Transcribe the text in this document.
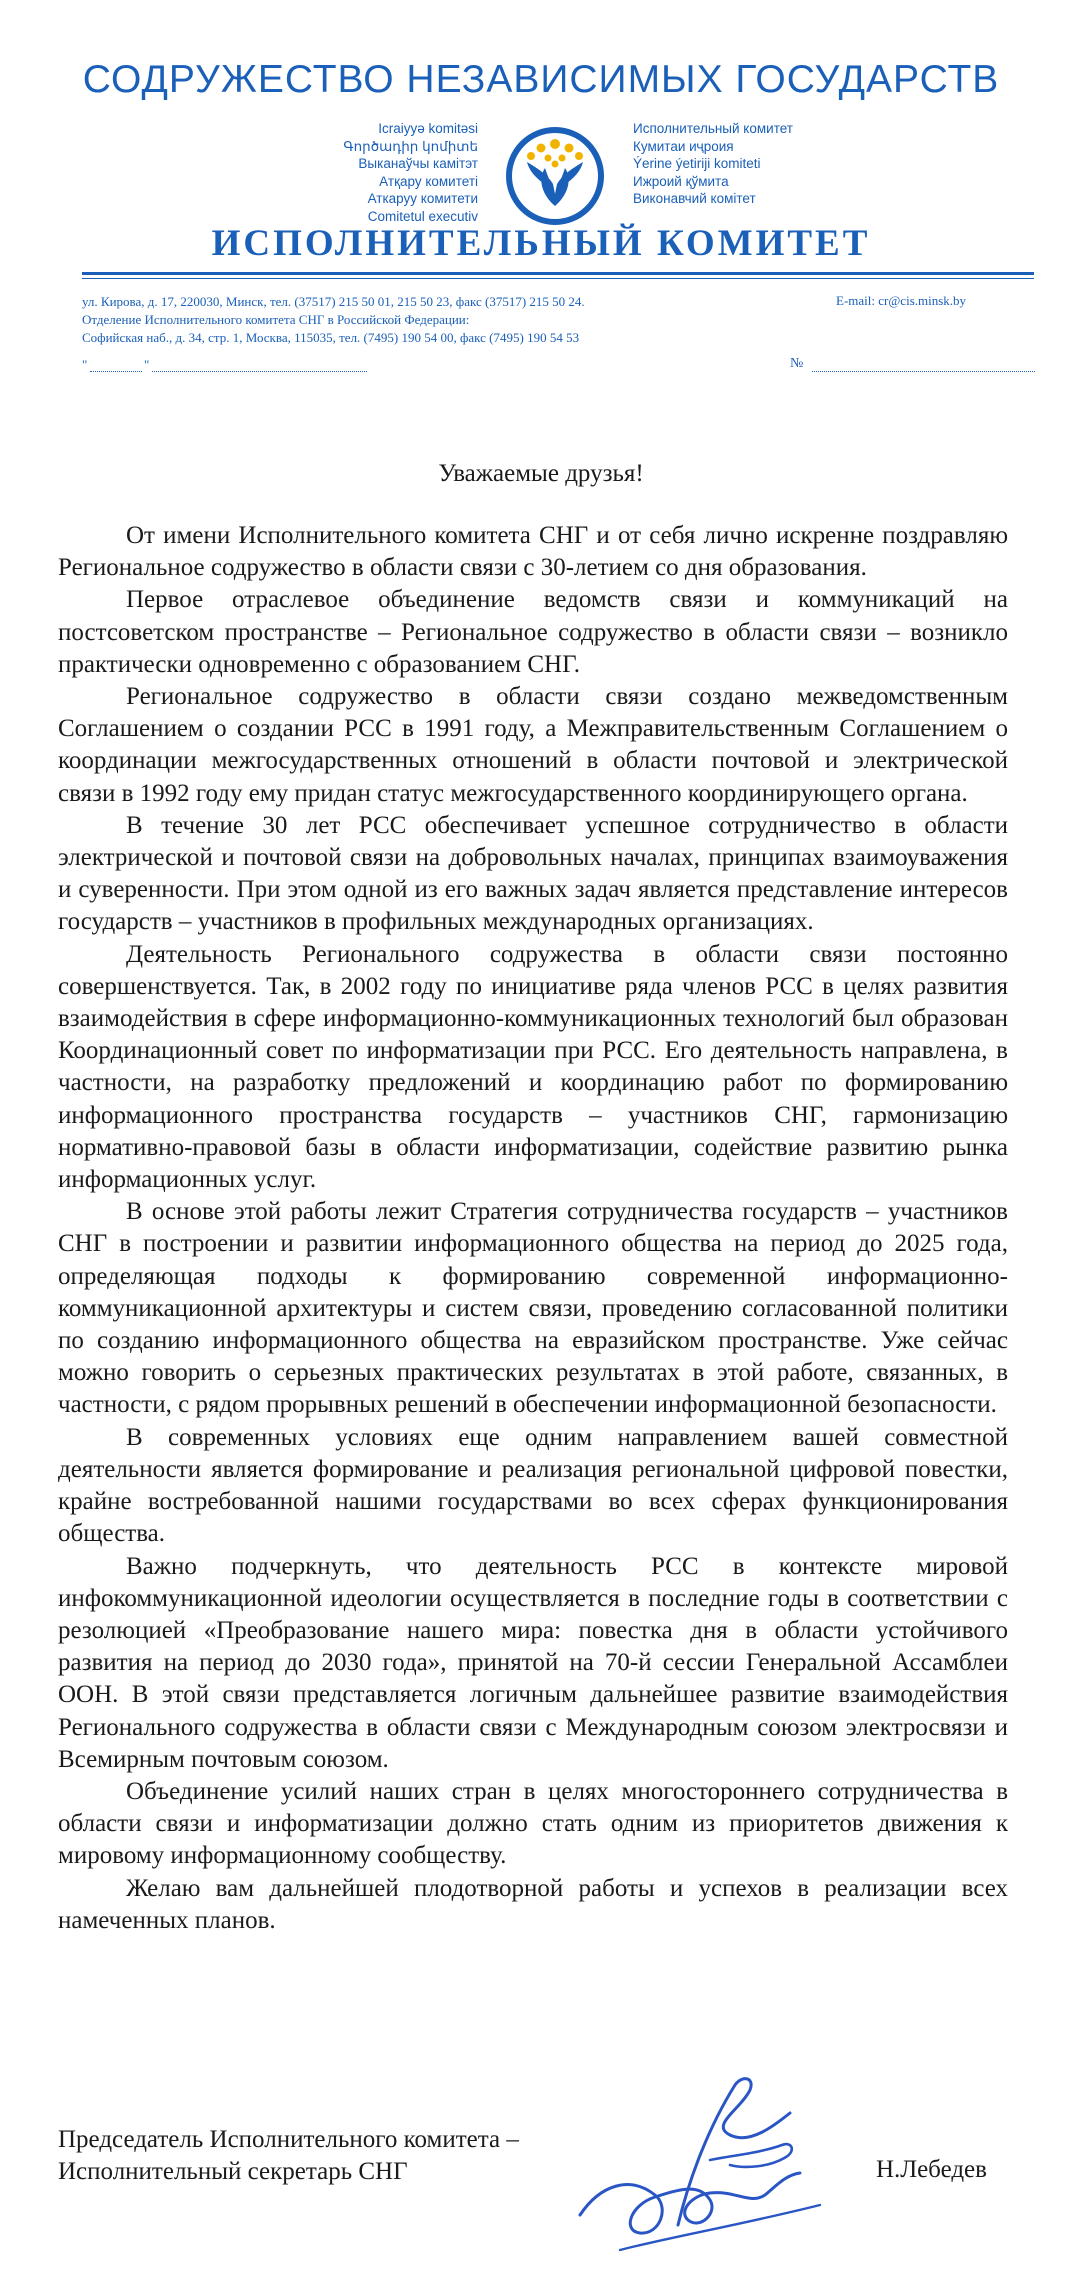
СОДРУЖЕСТВО НЕЗАВИСИМЫХ ГОСУДАРСТВ
Icraiyyə komitəsi
Գործադիր կոմիտե
Выканаўчы камітэт
Атқару комитеті
Аткаруу комитети
Comitetul executiv
Исполнительный комитет
Кумитаи иҷроия
Ýerine ýetiriji komiteti
Ижроий қўмита
Виконавчий комітет
ИСПОЛНИТЕЛЬНЫЙ КОМИТЕТ
ул. Кирова, д. 17, 220030, Минск, тел. (37517) 215 50 01, 215 50 23, факс (37517) 215 50 24.
Отделение Исполнительного комитета СНГ в Российской Федерации:
Софийская наб., д. 34, стр. 1, Москва, 115035, тел. (7495) 190 54 00, факс (7495) 190 54 53
E-mail: cr@cis.minsk.by
"	"	№
Уважаемые друзья!

От имени Исполнительного комитета СНГ и от себя лично искренне поздравляю Региональное содружество в области связи с 30-летием со дня образования.

Первое отраслевое объединение ведомств связи и коммуникаций на постсоветском пространстве – Региональное содружество в области связи – возникло практически одновременно с образованием СНГ.

Региональное содружество в области связи создано межведомственным Соглашением о создании РСС в 1991 году, а Межправительственным Соглашением о координации межгосударственных отношений в области почтовой и электрической связи в 1992 году ему придан статус межгосударственного координирующего органа.

В течение 30 лет РСС обеспечивает успешное сотрудничество в области электрической и почтовой связи на добровольных началах, принципах взаимоуважения и суверенности. При этом одной из его важных задач является представление интересов государств – участников в профильных международных организациях.

Деятельность Регионального содружества в области связи постоянно совершенствуется. Так, в 2002 году по инициативе ряда членов РСС в целях развития взаимодействия в сфере информационно-коммуникационных технологий был образован Координационный совет по информатизации при РСС. Его деятельность направлена, в частности, на разработку предложений и координацию работ по формированию информационного пространства государств – участников СНГ, гармонизацию нормативно-правовой базы в области информатизации, содействие развитию рынка информационных услуг.

В основе этой работы лежит Стратегия сотрудничества государств – участников СНГ в построении и развитии информационного общества на период до 2025 года, определяющая подходы к формированию современной информационно-коммуникационной архитектуры и систем связи, проведению согласованной политики по созданию информационного общества на евразийском пространстве. Уже сейчас можно говорить о серьезных практических результатах в этой работе, связанных, в частности, с рядом прорывных решений в обеспечении информационной безопасности.

В современных условиях еще одним направлением вашей совместной деятельности является формирование и реализация региональной цифровой повестки, крайне востребованной нашими государствами во всех сферах функционирования общества.

Важно подчеркнуть, что деятельность РСС в контексте мировой инфокоммуникационной идеологии осуществляется в последние годы в соответствии с резолюцией «Преобразование нашего мира: повестка дня в области устойчивого развития на период до 2030 года», принятой на 70-й сессии Генеральной Ассамблеи ООН. В этой связи представляется логичным дальнейшее развитие взаимодействия Регионального содружества в области связи с Международным союзом электросвязи и Всемирным почтовым союзом.

Объединение усилий наших стран в целях многостороннего сотрудничества в области связи и информатизации должно стать одним из приоритетов движения к мировому информационному сообществу.

Желаю вам дальнейшей плодотворной работы и успехов в реализации всех намеченных планов.

Председатель Исполнительного комитета –
Исполнительный секретарь СНГ	Н.Лебедев
